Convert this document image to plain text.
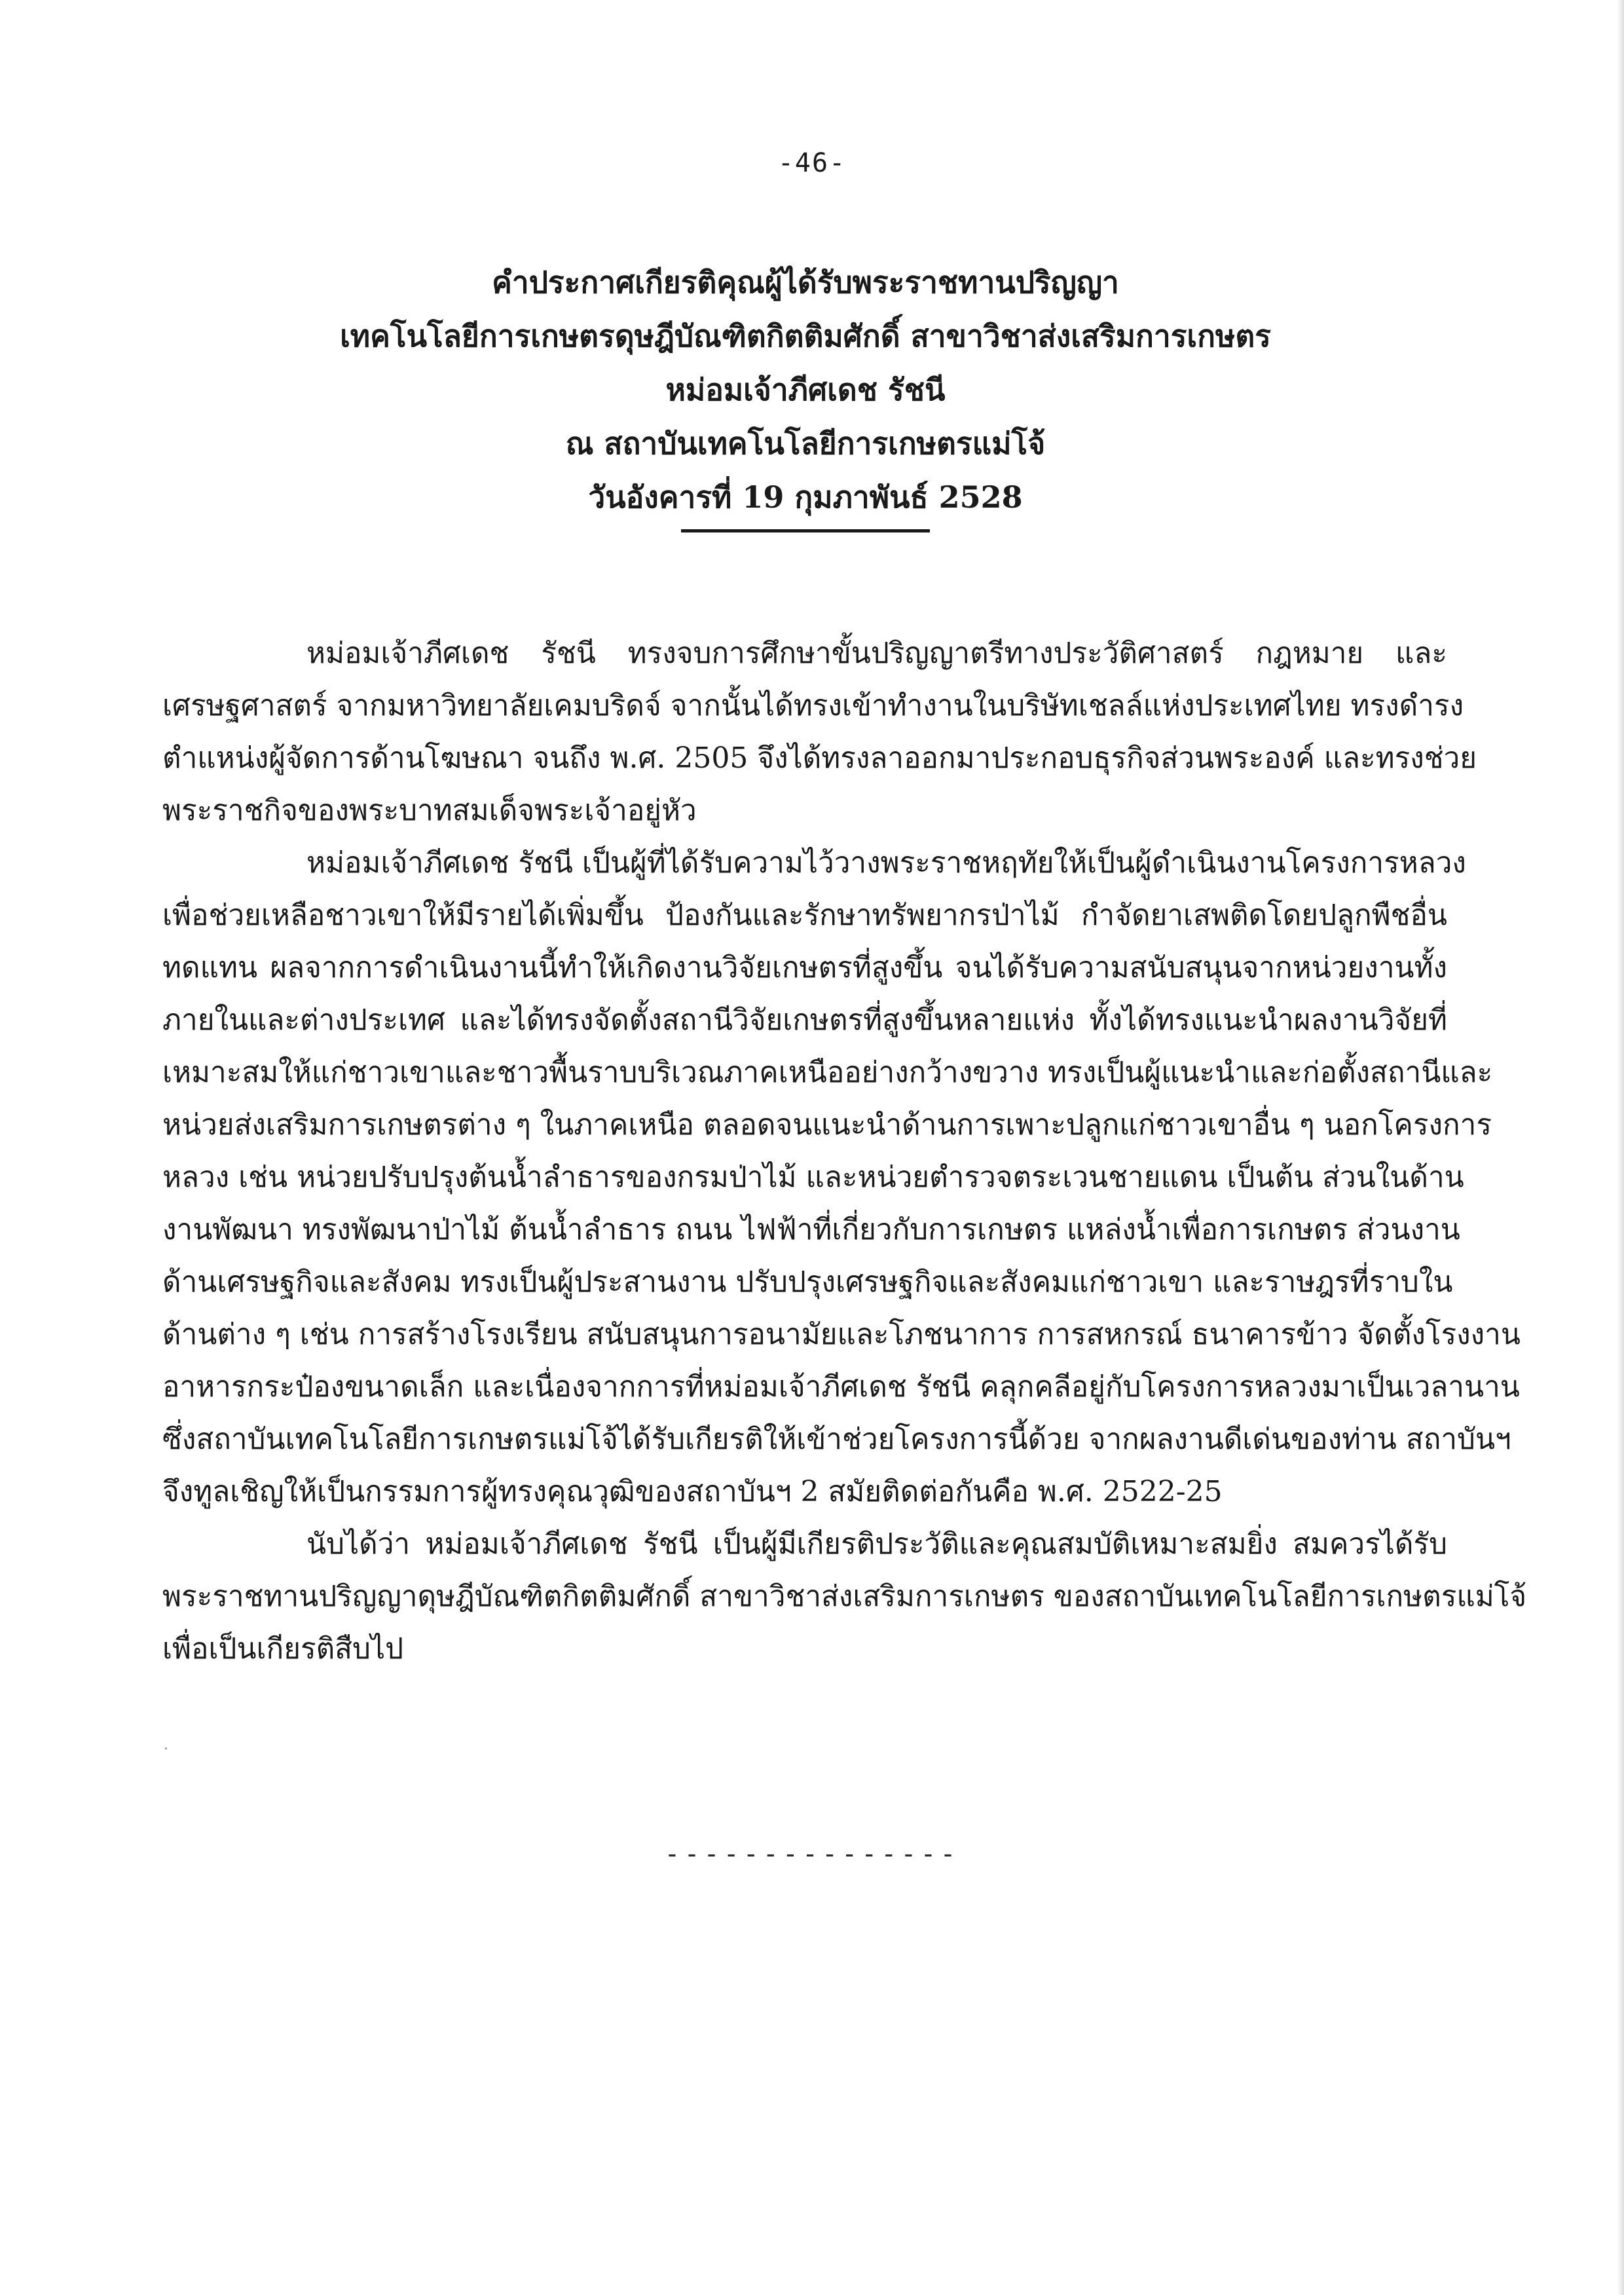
-46-
คำประกาศเกียรติคุณผู้ได้รับพระราชทานปริญญา
เทคโนโลยีการเกษตรดุษฎีบัณฑิตกิตติมศักดิ์ สาขาวิชาส่งเสริมการเกษตร
หม่อมเจ้าภีศเดช รัชนี
ณ สถาบันเทคโนโลยีการเกษตรแม่โจ้
วันอังคารที่ 19 กุมภาพันธ์ 2528
หม่อมเจ้าภีศเดช รัชนี ทรงจบการศึกษาขั้นปริญญาตรีทางประวัติศาสตร์ กฎหมาย และ
เศรษฐศาสตร์ จากมหาวิทยาลัยเคมบริดจ์ จากนั้นได้ทรงเข้าทำงานในบริษัทเชลล์แห่งประเทศไทย ทรงดำรง
ตำแหน่งผู้จัดการด้านโฆษณา จนถึง พ.ศ. 2505 จึงได้ทรงลาออกมาประกอบธุรกิจส่วนพระองค์ และทรงช่วย
พระราชกิจของพระบาทสมเด็จพระเจ้าอยู่หัว
หม่อมเจ้าภีศเดช รัชนี เป็นผู้ที่ได้รับความไว้วางพระราชหฤทัยให้เป็นผู้ดำเนินงานโครงการหลวง
เพื่อช่วยเหลือชาวเขาให้มีรายได้เพิ่มขึ้น ป้องกันและรักษาทรัพยากรป่าไม้ กำจัดยาเสพติดโดยปลูกพืชอื่น
ทดแทน ผลจากการดำเนินงานนี้ทำให้เกิดงานวิจัยเกษตรที่สูงขึ้น จนได้รับความสนับสนุนจากหน่วยงานทั้ง
ภายในและต่างประเทศ และได้ทรงจัดตั้งสถานีวิจัยเกษตรที่สูงขึ้นหลายแห่ง ทั้งได้ทรงแนะนำผลงานวิจัยที่
เหมาะสมให้แก่ชาวเขาและชาวพื้นราบบริเวณภาคเหนืออย่างกว้างขวาง ทรงเป็นผู้แนะนำและก่อตั้งสถานีและ
หน่วยส่งเสริมการเกษตรต่าง ๆ ในภาคเหนือ ตลอดจนแนะนำด้านการเพาะปลูกแก่ชาวเขาอื่น ๆ นอกโครงการ
หลวง เช่น หน่วยปรับปรุงต้นน้ำลำธารของกรมป่าไม้ และหน่วยตำรวจตระเวนชายแดน เป็นต้น ส่วนในด้าน
งานพัฒนา ทรงพัฒนาป่าไม้ ต้นน้ำลำธาร ถนน ไฟฟ้าที่เกี่ยวกับการเกษตร แหล่งน้ำเพื่อการเกษตร ส่วนงาน
ด้านเศรษฐกิจและสังคม ทรงเป็นผู้ประสานงาน ปรับปรุงเศรษฐกิจและสังคมแก่ชาวเขา และราษฎรที่ราบใน
ด้านต่าง ๆ เช่น การสร้างโรงเรียน สนับสนุนการอนามัยและโภชนาการ การสหกรณ์ ธนาคารข้าว จัดตั้งโรงงาน
อาหารกระป๋องขนาดเล็ก และเนื่องจากการที่หม่อมเจ้าภีศเดช รัชนี คลุกคลีอยู่กับโครงการหลวงมาเป็นเวลานาน
ซึ่งสถาบันเทคโนโลยีการเกษตรแม่โจ้ได้รับเกียรติให้เข้าช่วยโครงการนี้ด้วย จากผลงานดีเด่นของท่าน สถาบันฯ
จึงทูลเชิญให้เป็นกรรมการผู้ทรงคุณวุฒิของสถาบันฯ 2 สมัยติดต่อกันคือ พ.ศ. 2522-25
นับได้ว่า หม่อมเจ้าภีศเดช รัชนี เป็นผู้มีเกียรติประวัติและคุณสมบัติเหมาะสมยิ่ง สมควรได้รับ
พระราชทานปริญญาดุษฎีบัณฑิตกิตติมศักดิ์ สาขาวิชาส่งเสริมการเกษตร ของสถาบันเทคโนโลยีการเกษตรแม่โจ้
เพื่อเป็นเกียรติสืบไป
---------------
